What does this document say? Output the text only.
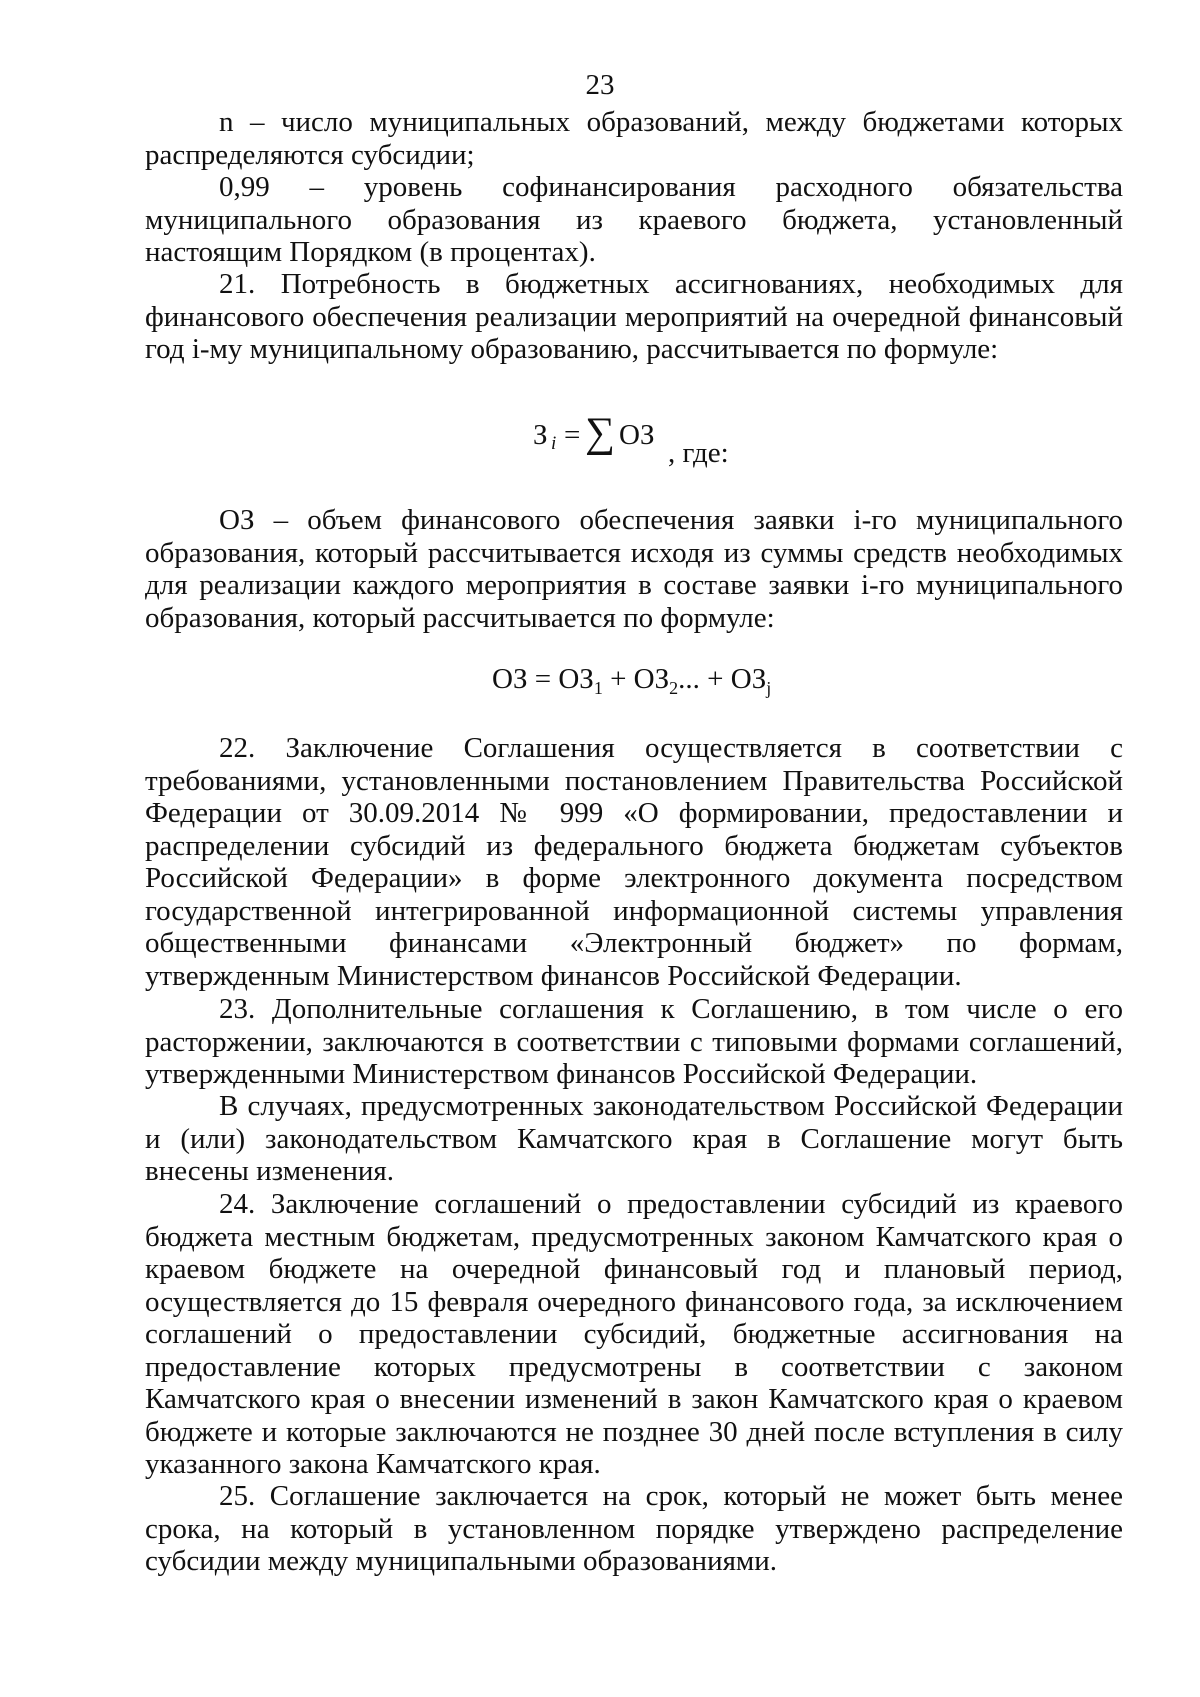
23

n – число муниципальных образований, между бюджетами которых распределяются субсидии;

0,99 – уровень софинансирования расходного обязательства муниципального образования из краевого бюджета, установленный настоящим Порядком (в процентах).

21. Потребность в бюджетных ассигнованиях, необходимых для финансового обеспечения реализации мероприятий на очередной финансовый год i-му муниципальному образованию, рассчитывается по формуле:

З i = ∑ ОЗ
, где:

ОЗ – объем финансового обеспечения заявки i-го муниципального образования, который рассчитывается исходя из суммы средств необходимых для реализации каждого мероприятия в составе заявки i-го муниципального образования, который рассчитывается по формуле:

ОЗ = $ОЗ_1 + ОЗ_2$... + $ОЗ_j$

22. Заключение Соглашения осуществляется в соответствии с требованиями, установленными постановлением Правительства Российской Федерации от 30.09.2014 № 999 «О формировании, предоставлении и распределении субсидий из федерального бюджета бюджетам субъектов Российской Федерации» в форме электронного документа посредством государственной интегрированной информационной системы управления общественными финансами «Электронный бюджет» по формам, утвержденным Министерством финансов Российской Федерации.

23. Дополнительные соглашения к Соглашению, в том числе о его расторжении, заключаются в соответствии с типовыми формами соглашений, утвержденными Министерством финансов Российской Федерации.

В случаях, предусмотренных законодательством Российской Федерации и (или) законодательством Камчатского края в Соглашение могут быть внесены изменения.

24. Заключение соглашений о предоставлении субсидий из краевого бюджета местным бюджетам, предусмотренных законом Камчатского края о краевом бюджете на очередной финансовый год и плановый период, осуществляется до 15 февраля очередного финансового года, за исключением соглашений о предоставлении субсидий, бюджетные ассигнования на предоставление которых предусмотрены в соответствии с законом Камчатского края о внесении изменений в закон Камчатского края о краевом бюджете и которые заключаются не позднее 30 дней после вступления в силу указанного закона Камчатского края.

25. Соглашение заключается на срок, который не может быть менее срока, на который в установленном порядке утверждено распределение субсидии между муниципальными образованиями.
